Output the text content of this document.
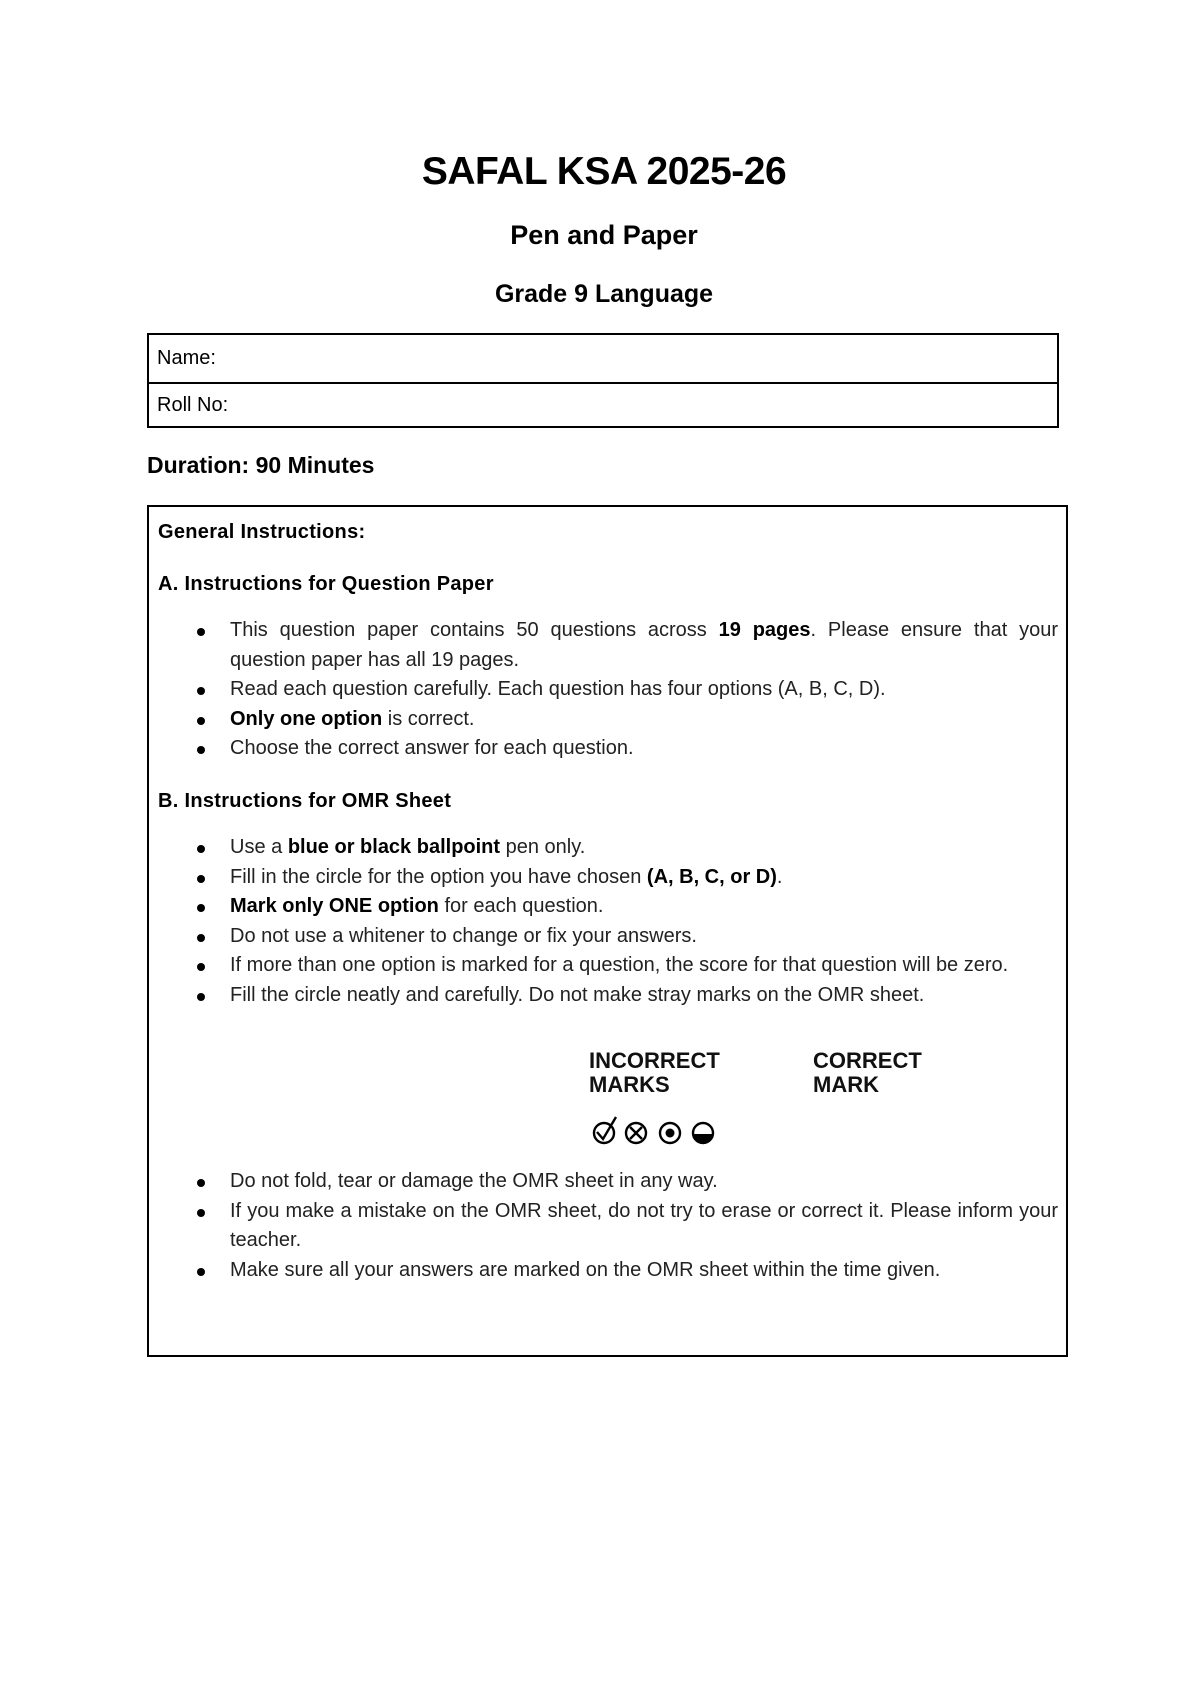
SAFAL KSA 2025-26
Pen and Paper
Grade 9 Language
Name:
Roll No:
Duration: 90 Minutes
General Instructions:
A. Instructions for Question Paper
This question paper contains 50 questions across 19 pages. Please ensure that your question paper has all 19 pages.
Read each question carefully. Each question has four options (A, B, C, D).
Only one option is correct.
Choose the correct answer for each question.
B. Instructions for OMR Sheet
Use a blue or black ballpoint pen only.
Fill in the circle for the option you have chosen (A, B, C, or D).
Mark only ONE option for each question.
Do not use a whitener to change or fix your answers.
If more than one option is marked for a question, the score for that question will be zero.
Fill the circle neatly and carefully. Do not make stray marks on the OMR sheet.
INCORRECT
MARKS
CORRECT
MARK
Do not fold, tear or damage the OMR sheet in any way.
If you make a mistake on the OMR sheet, do not try to erase or correct it. Please inform your teacher.
Make sure all your answers are marked on the OMR sheet within the time given.
